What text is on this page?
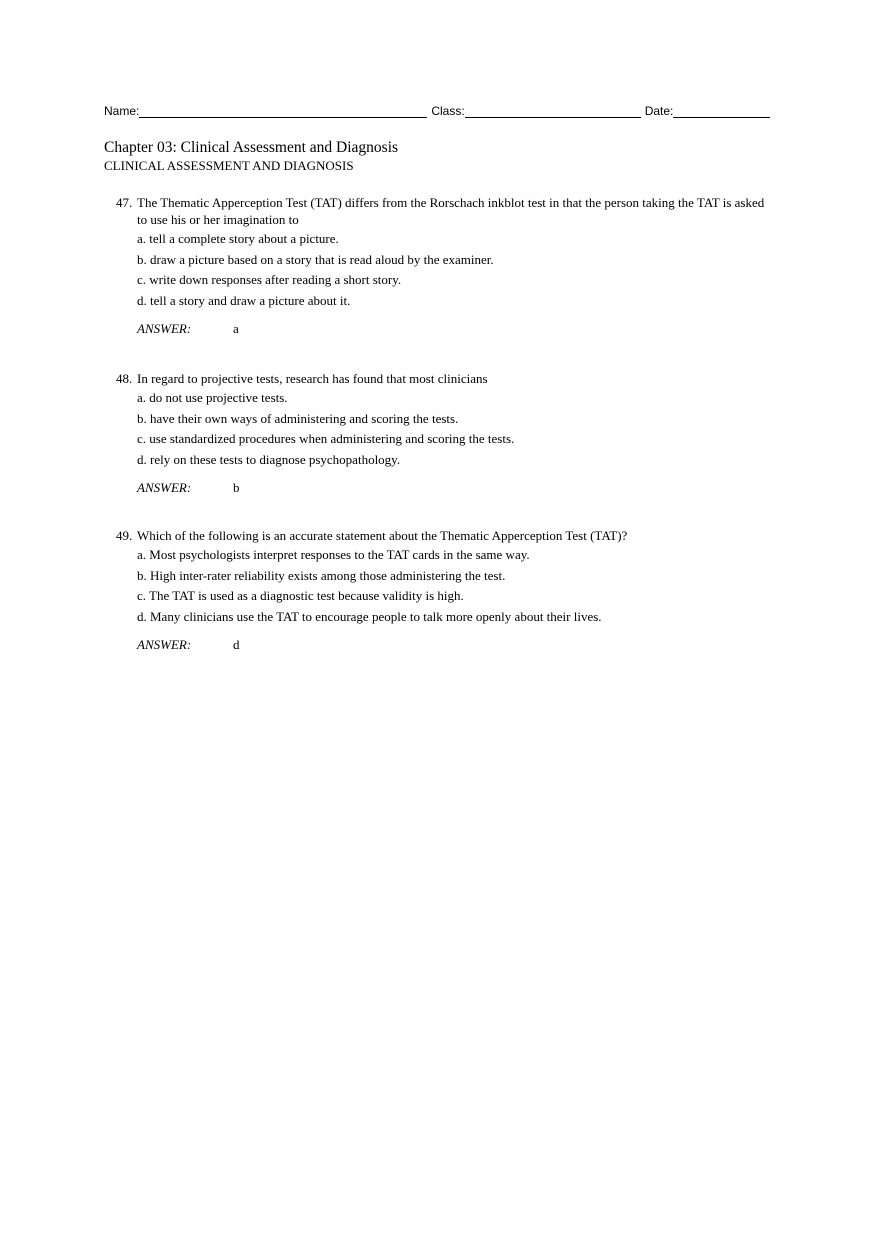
Name:	Class:	Date:
Chapter 03: Clinical Assessment and Diagnosis
CLINICAL ASSESSMENT AND DIAGNOSIS
47. The Thematic Apperception Test (TAT) differs from the Rorschach inkblot test in that the person taking the TAT is asked to use his or her imagination to
a. tell a complete story about a picture.
b. draw a picture based on a story that is read aloud by the examiner.
c. write down responses after reading a short story.
d. tell a story and draw a picture about it.
ANSWER:	a
48. In regard to projective tests, research has found that most clinicians
a. do not use projective tests.
b. have their own ways of administering and scoring the tests.
c. use standardized procedures when administering and scoring the tests.
d. rely on these tests to diagnose psychopathology.
ANSWER:	b
49. Which of the following is an accurate statement about the Thematic Apperception Test (TAT)?
a. Most psychologists interpret responses to the TAT cards in the same way.
b. High inter-rater reliability exists among those administering the test.
c. The TAT is used as a diagnostic test because validity is high.
d. Many clinicians use the TAT to encourage people to talk more openly about their lives.
ANSWER:	d
